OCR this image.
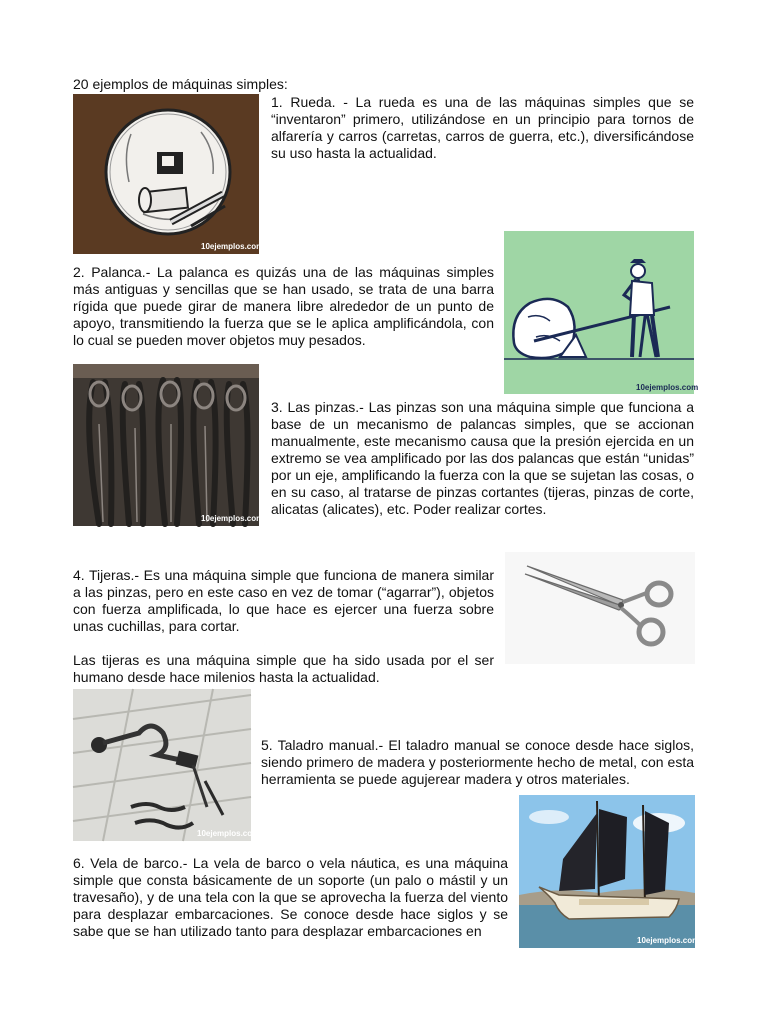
20 ejemplos de máquinas simples:
10ejemplos.com
1. Rueda. - La rueda es una de las máquinas simples que se “inventaron” primero, utilizándose en un principio para tornos de alfarería y carros (carretas, carros de guerra, etc.), diversificándose su uso hasta la actualidad.
10ejemplos.com
2. Palanca.- La palanca es quizás una de las máquinas simples más antiguas y sencillas que se han usado, se trata de una barra rígida que puede girar de manera libre alrededor de un punto de apoyo, transmitiendo la fuerza que se le aplica amplificándola, con lo cual se pueden mover objetos muy pesados.
10ejemplos.com
3. Las pinzas.- Las pinzas son una máquina simple que funciona a base de un mecanismo de palancas simples, que se accionan manualmente, este mecanismo causa que la presión ejercida en un extremo se vea amplificado por las dos palancas que están “unidas” por un eje, amplificando la fuerza con la que se sujetan las cosas, o en su caso, al tratarse de pinzas cortantes (tijeras, pinzas de corte, alicatas (alicates), etc. Poder realizar cortes.
4. Tijeras.- Es una máquina simple que funciona de manera similar a las pinzas, pero en este caso en vez de tomar (“agarrar”), objetos con fuerza amplificada, lo que hace es ejercer una fuerza sobre unas cuchillas, para cortar.
Las tijeras es una máquina simple que ha sido usada por el ser humano desde hace milenios hasta la actualidad.
10ejemplos.com
5. Taladro manual.- El taladro manual se conoce desde hace siglos, siendo primero de madera y posteriormente hecho de metal, con esta herramienta se puede agujerear madera y otros materiales.
10ejemplos.com
6. Vela de barco.- La vela de barco o vela náutica, es una máquina simple que consta básicamente de un soporte (un palo o mástil y un travesaño), y de una tela con la que se aprovecha la fuerza del viento para desplazar embarcaciones. Se conoce desde hace siglos y se sabe que se han utilizado tanto para desplazar embarcaciones en
